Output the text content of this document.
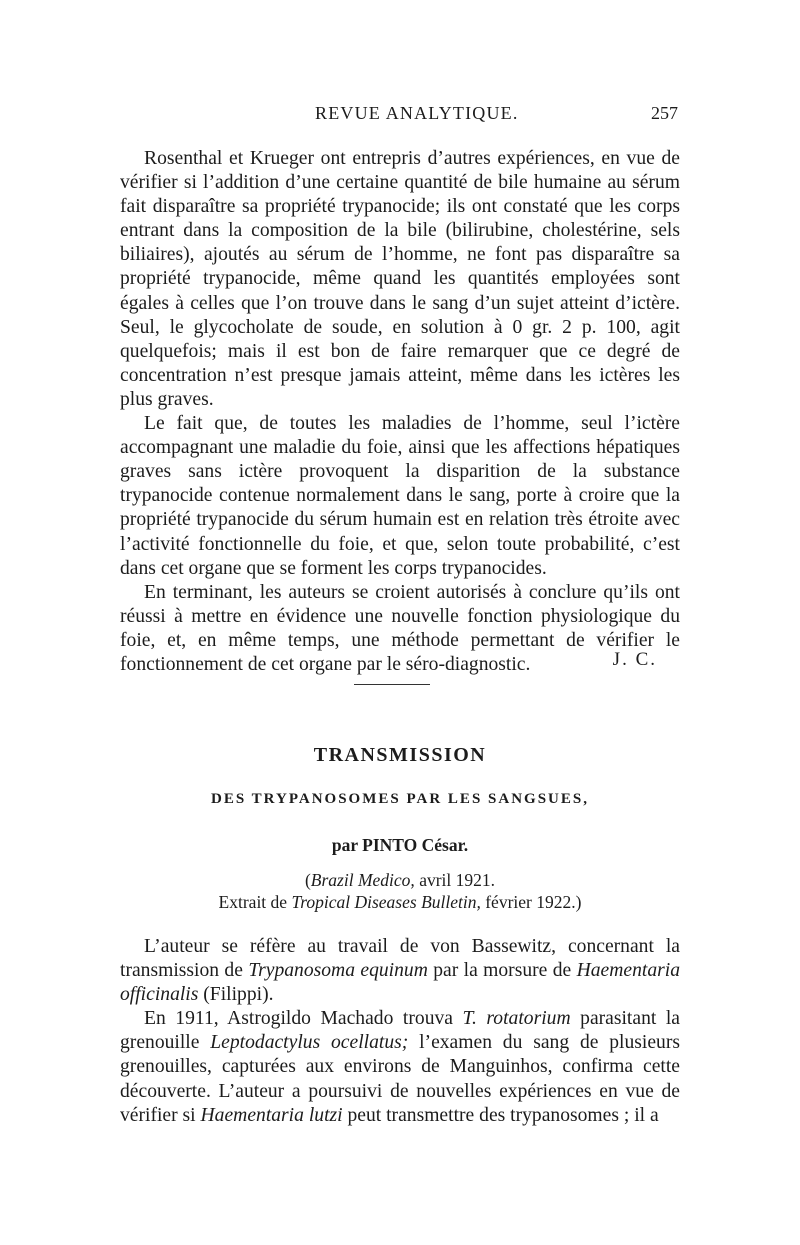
REVUE ANALYTIQUE.	257

Rosenthal et Krueger ont entrepris d’autres expériences, en vue de vérifier si l’addition d’une certaine quantité de bile humaine au sérum fait disparaître sa propriété trypanocide; ils ont constaté que les corps entrant dans la composition de la bile (bilirubine, cholestérine, sels biliaires), ajoutés au sérum de l’homme, ne font pas disparaître sa propriété trypanocide, même quand les quantités employées sont égales à celles que l’on trouve dans le sang d’un sujet atteint d’ictère. Seul, le glycocholate de soude, en solution à 0 gr. 2 p. 100, agit quelquefois; mais il est bon de faire remarquer que ce degré de concentration n’est presque jamais atteint, même dans les ictères les plus graves.

Le fait que, de toutes les maladies de l’homme, seul l’ictère accompagnant une maladie du foie, ainsi que les affections hépatiques graves sans ictère provoquent la disparition de la substance trypanocide contenue normalement dans le sang, porte à croire que la propriété trypanocide du sérum humain est en relation très étroite avec l’activité fonctionnelle du foie, et que, selon toute probabilité, c’est dans cet organe que se forment les corps trypanocides.

En terminant, les auteurs se croient autorisés à conclure qu’ils ont réussi à mettre en évidence une nouvelle fonction physiologique du foie, et, en même temps, une méthode permettant de vérifier le fonctionnement de cet organe par le séro-diagnostic.	J. C.
TRANSMISSION
DES TRYPANOSOMES PAR LES SANGSUES,
par PINTO César.
(Brazil Medico, avril 1921.
Extrait de Tropical Diseases Bulletin, février 1922.)

L’auteur se réfère au travail de von Bassewitz, concernant la transmission de Trypanosoma equinum par la morsure de Haementaria officinalis (Filippi).

En 1911, Astrogildo Machado trouva T. rotatorium parasitant la grenouille Leptodactylus ocellatus; l’examen du sang de plusieurs grenouilles, capturées aux environs de Manguinhos, confirma cette découverte. L’auteur a poursuivi de nouvelles expériences en vue de vérifier si Haementaria lutzi peut transmettre des trypanosomes ; il a
